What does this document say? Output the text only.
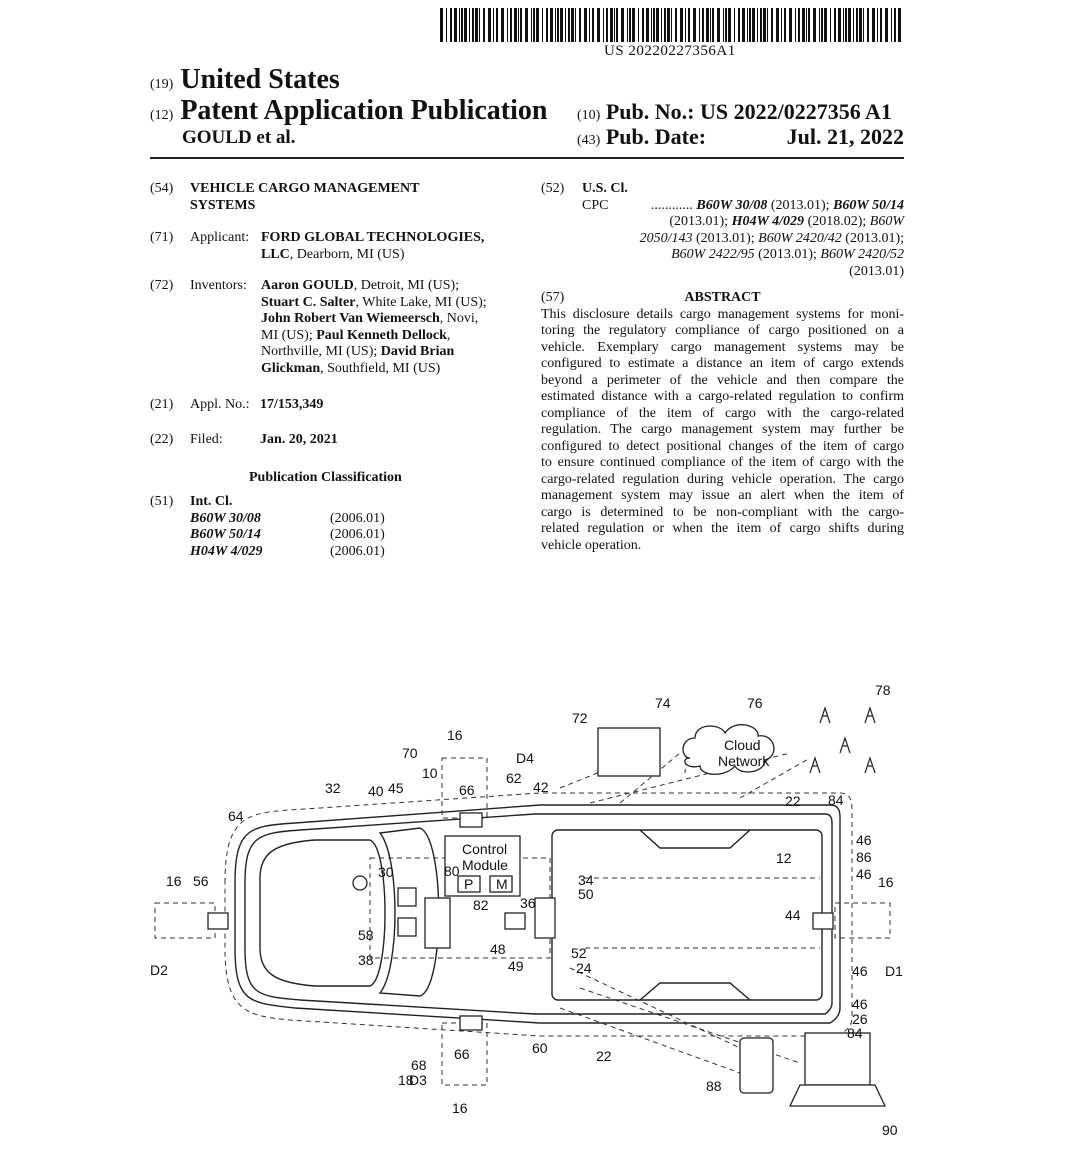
US 20220227356A1
(19) United States
(12) Patent Application Publication
GOULD et al.
(10) Pub. No.: US 2022/0227356 A1
(43) Pub. Date:	Jul. 21, 2022
(54) VEHICLE CARGO MANAGEMENT
SYSTEMS
(71) Applicant: FORD GLOBAL TECHNOLOGIES,
LLC, Dearborn, MI (US)
(72) Inventors: Aaron GOULD, Detroit, MI (US);
Stuart C. Salter, White Lake, MI (US);
John Robert Van Wiemeersch, Novi,
MI (US); Paul Kenneth Dellock,
Northville, MI (US); David Brian
Glickman, Southfield, MI (US)
(21) Appl. No.: 17/153,349
(22) Filed:	Jan. 20, 2021
Publication Classification
(51) Int. Cl.
B60W 30/08	(2006.01)
B60W 50/14	(2006.01)
H04W 4/029	(2006.01)
(52) U.S. Cl.
CPC	............ B60W 30/08 (2013.01); B60W 50/14
(2013.01); H04W 4/029 (2018.02); B60W
2050/143 (2013.01); B60W 2420/42 (2013.01);
B60W 2422/95 (2013.01); B60W 2420/52
(2013.01)
(57)	ABSTRACT
This disclosure details cargo management systems for moni-
toring the regulatory compliance of cargo positioned on a
vehicle. Exemplary cargo management systems may be
configured to estimate a distance an item of cargo extends
beyond a perimeter of the vehicle and then compare the
estimated distance with a cargo-related regulation to confirm
compliance of the item of cargo with the cargo-related
regulation. The cargo management system may further be
configured to detect positional changes of the item of cargo
to ensure continued compliance of the item of cargo with the
cargo-related regulation during vehicle operation. The cargo
management system may issue an alert when the item of
cargo is determined to be non-compliant with the cargo-
related regulation or when the item of cargo shifts during
vehicle operation.
78
74	76
72
16
70	D4
10	62
32 40 45	66	42
22 84
64
46
86
46 16
12
16 56
30	80
82
34
50
36
44
58
38
48
49
52
24
D2	46 D1
46
26
84
66	60	22
68
18
D3
16
88
90
Cloud
Network
Control
Module
P M
